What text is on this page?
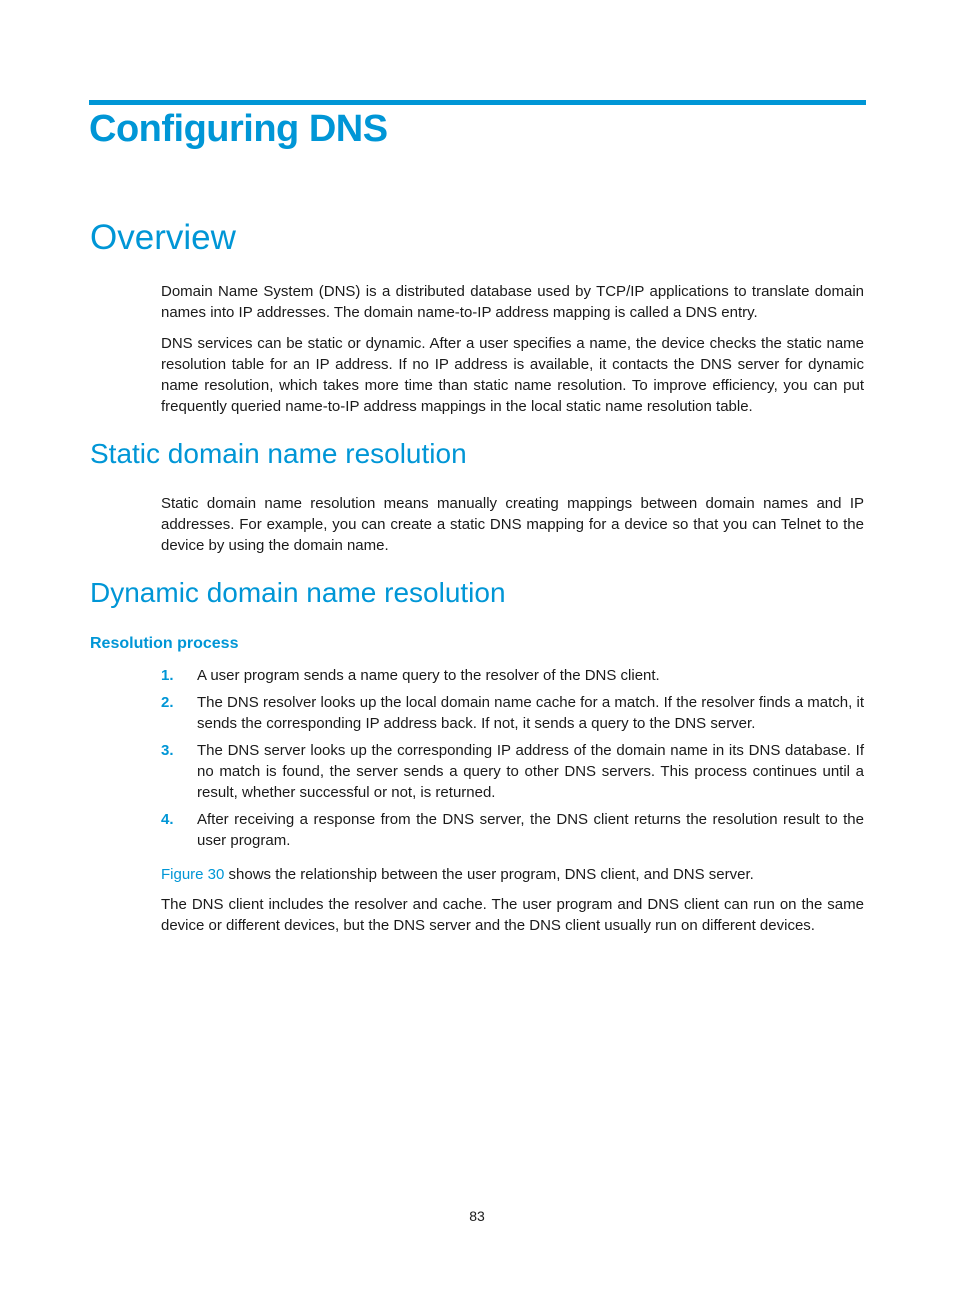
Configuring DNS
Overview

Domain Name System (DNS) is a distributed database used by TCP/IP applications to translate domain names into IP addresses. The domain name-to-IP address mapping is called a DNS entry.

DNS services can be static or dynamic. After a user specifies a name, the device checks the static name resolution table for an IP address. If no IP address is available, it contacts the DNS server for dynamic name resolution, which takes more time than static name resolution. To improve efficiency, you can put frequently queried name-to-IP address mappings in the local static name resolution table.

Static domain name resolution

Static domain name resolution means manually creating mappings between domain names and IP addresses. For example, you can create a static DNS mapping for a device so that you can Telnet to the device by using the domain name.

Dynamic domain name resolution
Resolution process
1. A user program sends a name query to the resolver of the DNS client.
2. The DNS resolver looks up the local domain name cache for a match. If the resolver finds a match, it sends the corresponding IP address back. If not, it sends a query to the DNS server.
3. The DNS server looks up the corresponding IP address of the domain name in its DNS database. If no match is found, the server sends a query to other DNS servers. This process continues until a result, whether successful or not, is returned.
4. After receiving a response from the DNS server, the DNS client returns the resolution result to the user program.

Figure 30 shows the relationship between the user program, DNS client, and DNS server.

The DNS client includes the resolver and cache. The user program and DNS client can run on the same device or different devices, but the DNS server and the DNS client usually run on different devices.

83
